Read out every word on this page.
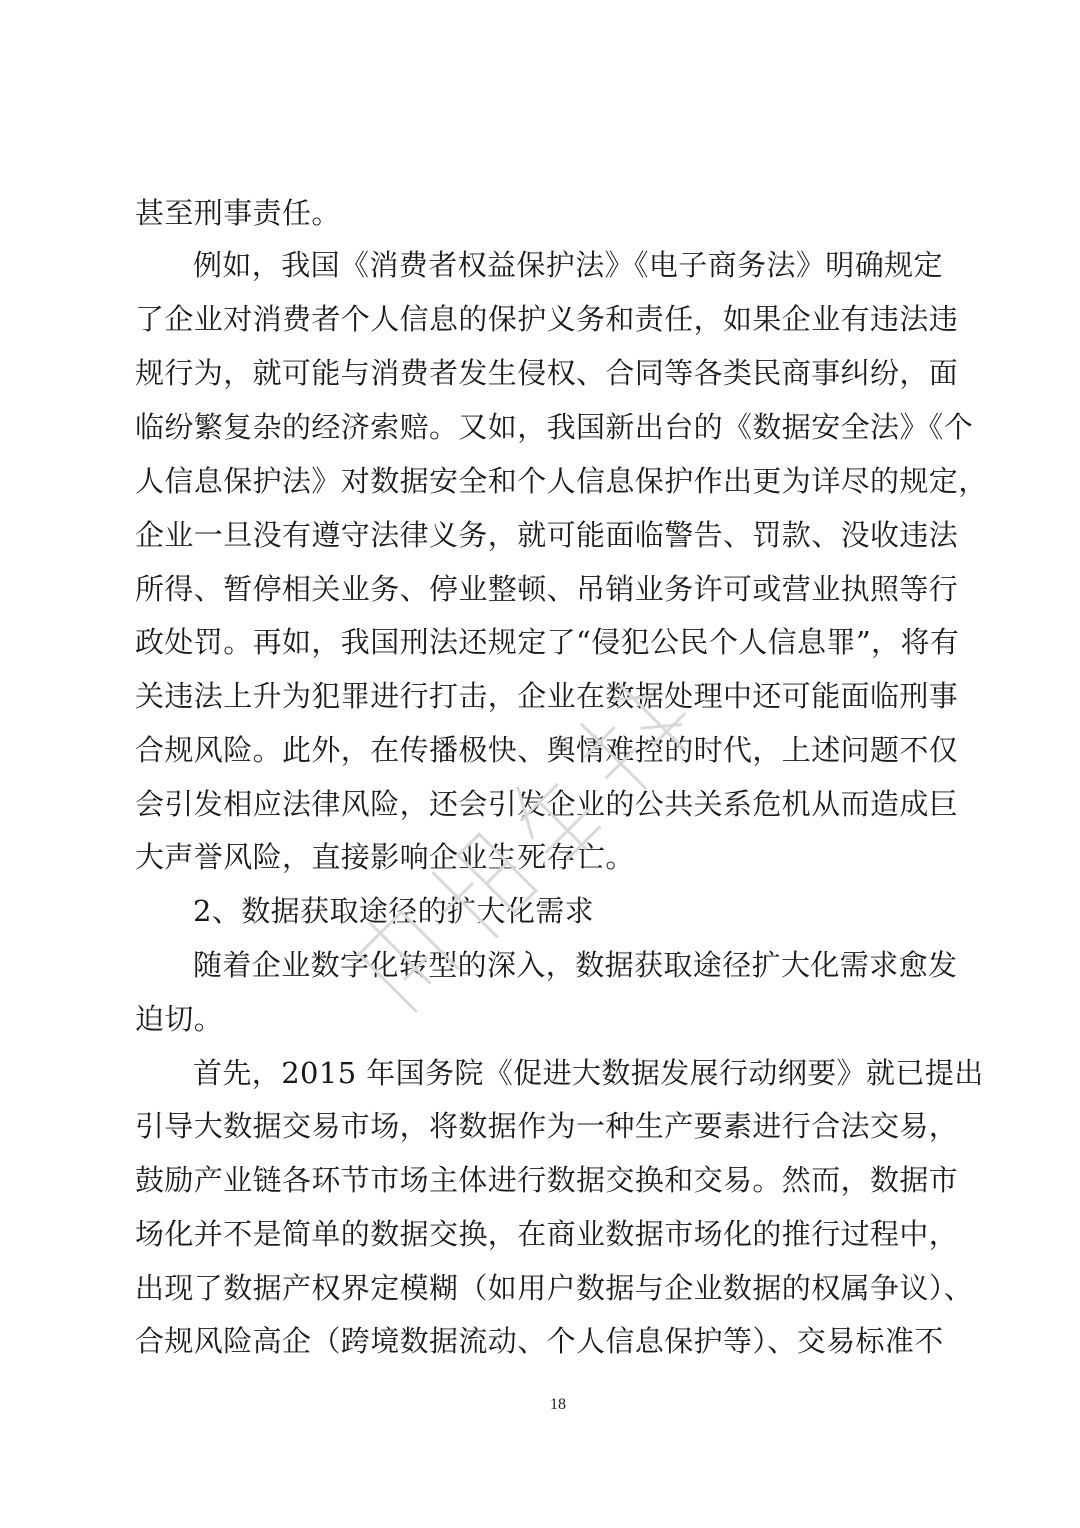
甚至刑事责任。
例如，我国《消费者权益保护法》《电子商务法》明确规定
了企业对消费者个人信息的保护义务和责任，如果企业有违法违
规行为，就可能与消费者发生侵权、合同等各类民商事纠纷，面
临纷繁复杂的经济索赔。又如，我国新出台的《数据安全法》《个
人信息保护法》对数据安全和个人信息保护作出更为详尽的规定，
企业一旦没有遵守法律义务，就可能面临警告、罚款、没收违法
所得、暂停相关业务、停业整顿、吊销业务许可或营业执照等行
政处罚。再如，我国刑法还规定了“侵犯公民个人信息罪”，将有
关违法上升为犯罪进行打击，企业在数据处理中还可能面临刑事
合规风险。此外，在传播极快、舆情难控的时代，上述问题不仅
会引发相应法律风险，还会引发企业的公共关系危机从而造成巨
大声誉风险，直接影响企业生死存亡。
2、数据获取途径的扩大化需求
随着企业数字化转型的深入，数据获取途径扩大化需求愈发
迫切。
首先，2015 年国务院《促进大数据发展行动纲要》就已提出
引导大数据交易市场，将数据作为一种生产要素进行合法交易，
鼓励产业链各环节市场主体进行数据交换和交易。然而，数据市
场化并不是简单的数据交换，在商业数据市场化的推行过程中，
出现了数据产权界定模糊（如用户数据与企业数据的权属争议）、
合规风险高企（跨境数据流动、个人信息保护等）、交易标准不
18
